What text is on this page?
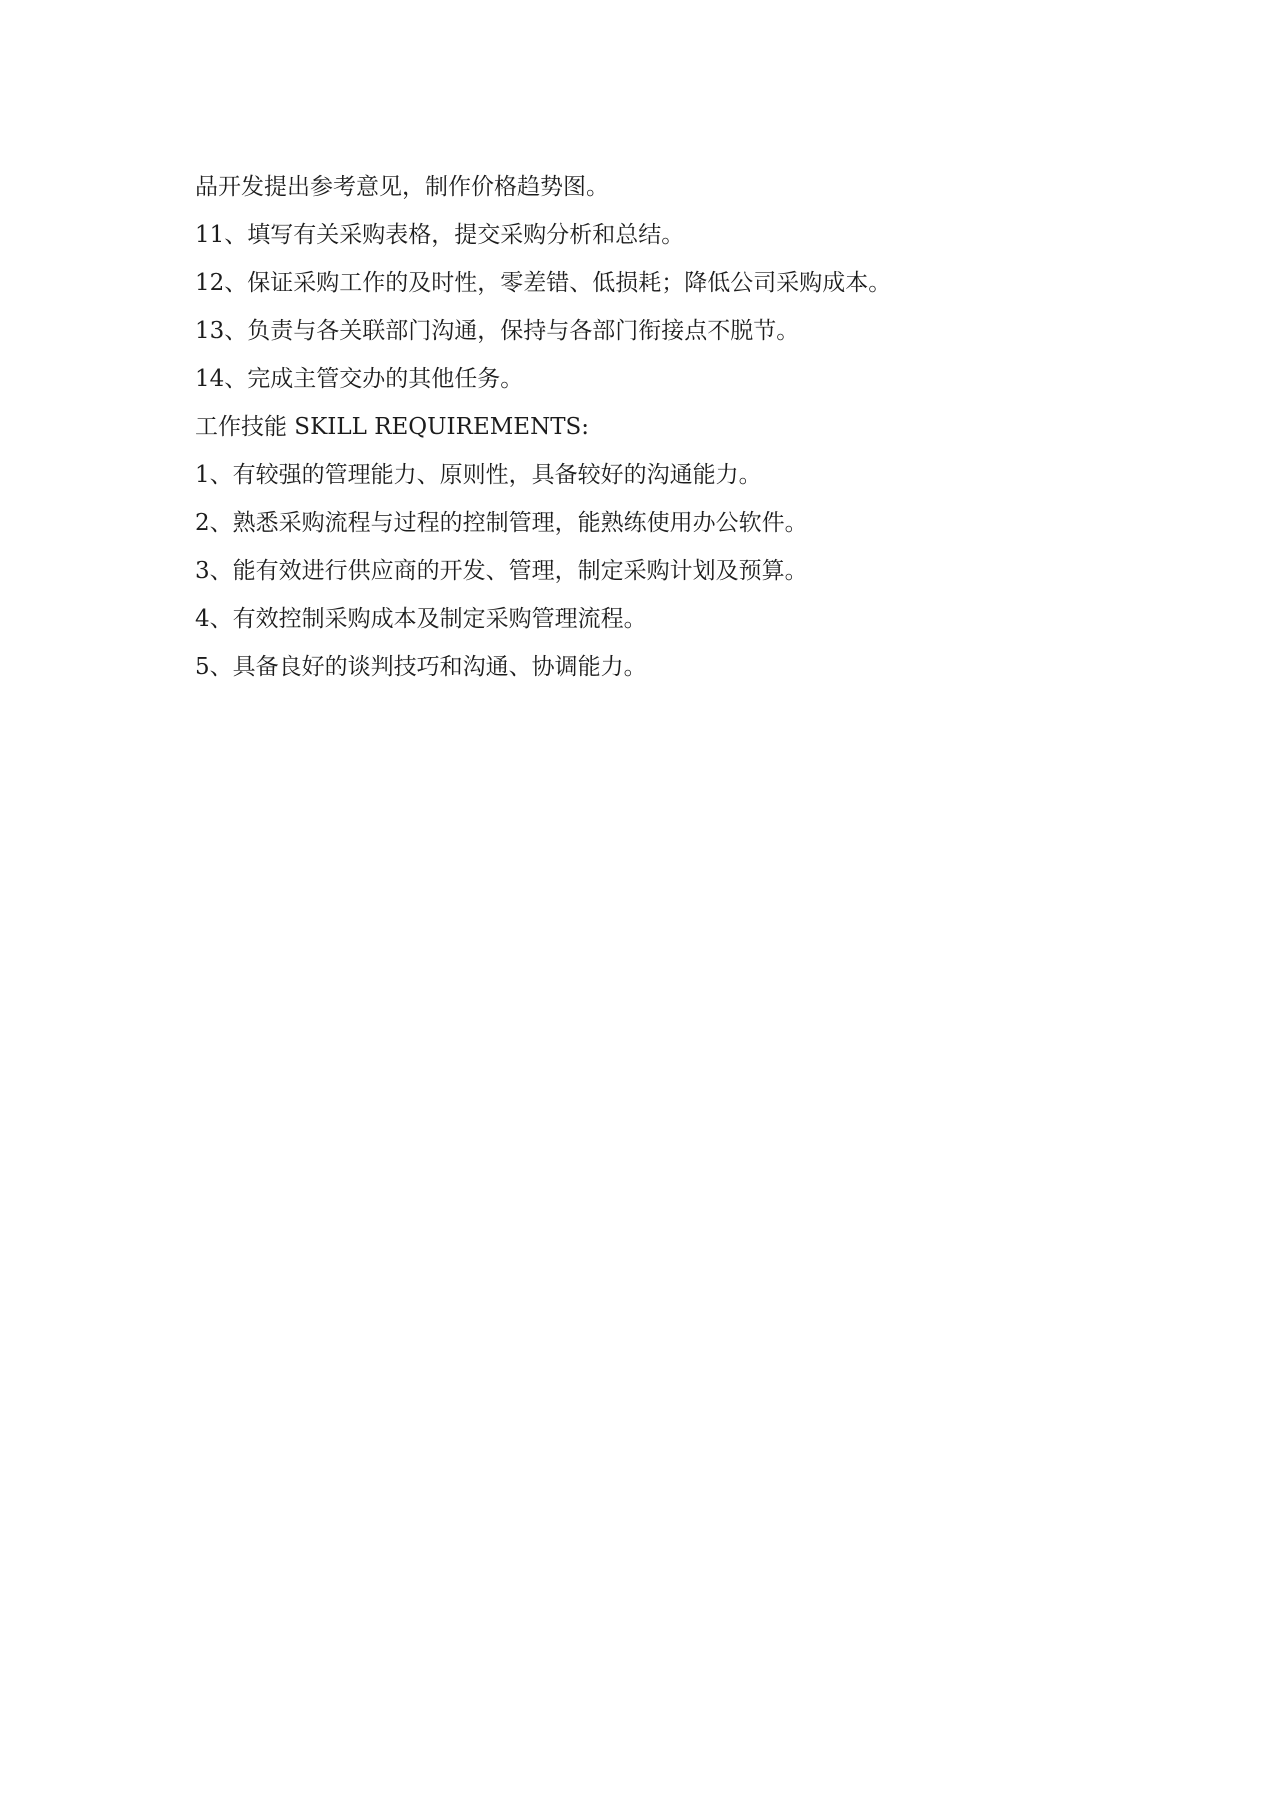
品开发提出参考意见，制作价格趋势图。

11、填写有关采购表格，提交采购分析和总结。

12、保证采购工作的及时性，零差错、低损耗；降低公司采购成本。

13、负责与各关联部门沟通，保持与各部门衔接点不脱节。

14、完成主管交办的其他任务。

工作技能 SKILL REQUIREMENTS:

1、有较强的管理能力、原则性，具备较好的沟通能力。

2、熟悉采购流程与过程的控制管理，能熟练使用办公软件。

3、能有效进行供应商的开发、管理，制定采购计划及预算。

4、有效控制采购成本及制定采购管理流程。

5、具备良好的谈判技巧和沟通、协调能力。
